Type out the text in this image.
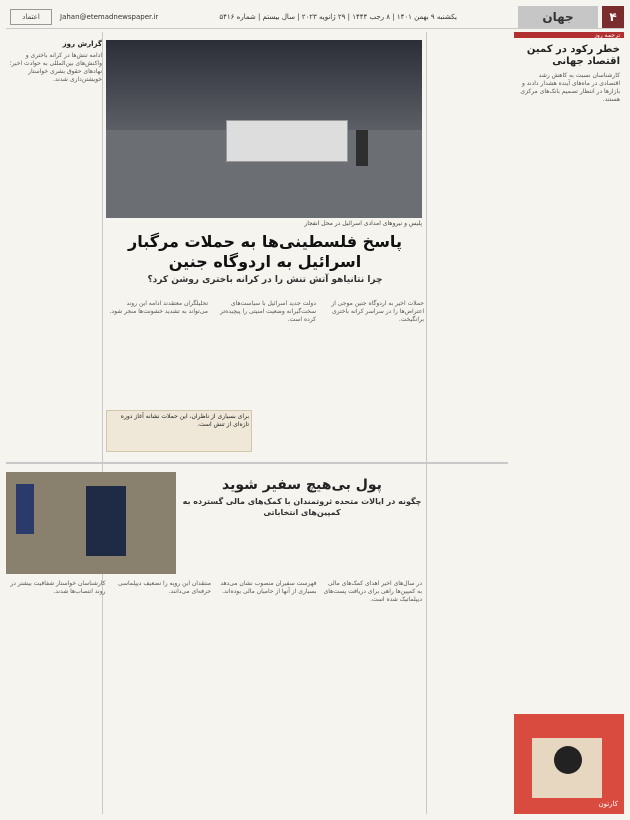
۴
جهان
یکشنبه ۹ بهمن ۱۴۰۱ | ۸ رجب ۱۴۴۴ | ۲۹ ژانویه ۲۰۲۳ | سال بیستم | شماره ۵۴۱۶
Jahan@etemadnewspaper.ir
اعتماد
ترجمه روز
خطر رکود در کمین اقتصاد جهانی
کارشناسان نسبت به کاهش رشد اقتصادی در ماه‌های آینده هشدار دادند و بازارها در انتظار تصمیم بانک‌های مرکزی هستند.
کارتون
پلیس و نیروهای امدادی اسرائیل در محل انفجار
گزارش روز
ادامه تنش‌ها در کرانه باختری و واکنش‌های بین‌المللی به حوادث اخیر؛ نهادهای حقوق بشری خواستار خویشتن‌داری شدند.
پاسخ فلسطینی‌ها به حملات مرگبار اسرائیل به اردوگاه جنین
چرا نتانیاهو آتش تنش را در کرانه باختری روشن کرد؟
حملات اخیر به اردوگاه جنین موجی از اعتراض‌ها را در سراسر کرانه باختری برانگیخت.
دولت جدید اسرائیل با سیاست‌های سخت‌گیرانه وضعیت امنیتی را پیچیده‌تر کرده است.
تحلیلگران معتقدند ادامه این روند می‌تواند به تشدید خشونت‌ها منجر شود.
برای بسیاری از ناظران، این حملات نشانه آغاز دوره تازه‌ای از تنش است.
پول بی‌هیچ سفیر شوید
چگونه در ایالات متحده ثروتمندان با کمک‌های مالی گسترده به کمپین‌های انتخاباتی
در سال‌های اخیر اهدای کمک‌های مالی به کمپین‌ها راهی برای دریافت پست‌های دیپلماتیک شده است.
فهرست سفیران منصوب نشان می‌دهد بسیاری از آنها از حامیان مالی بوده‌اند.
منتقدان این رویه را تضعیف دیپلماسی حرفه‌ای می‌دانند.
کارشناسان خواستار شفافیت بیشتر در روند انتصاب‌ها شدند.
